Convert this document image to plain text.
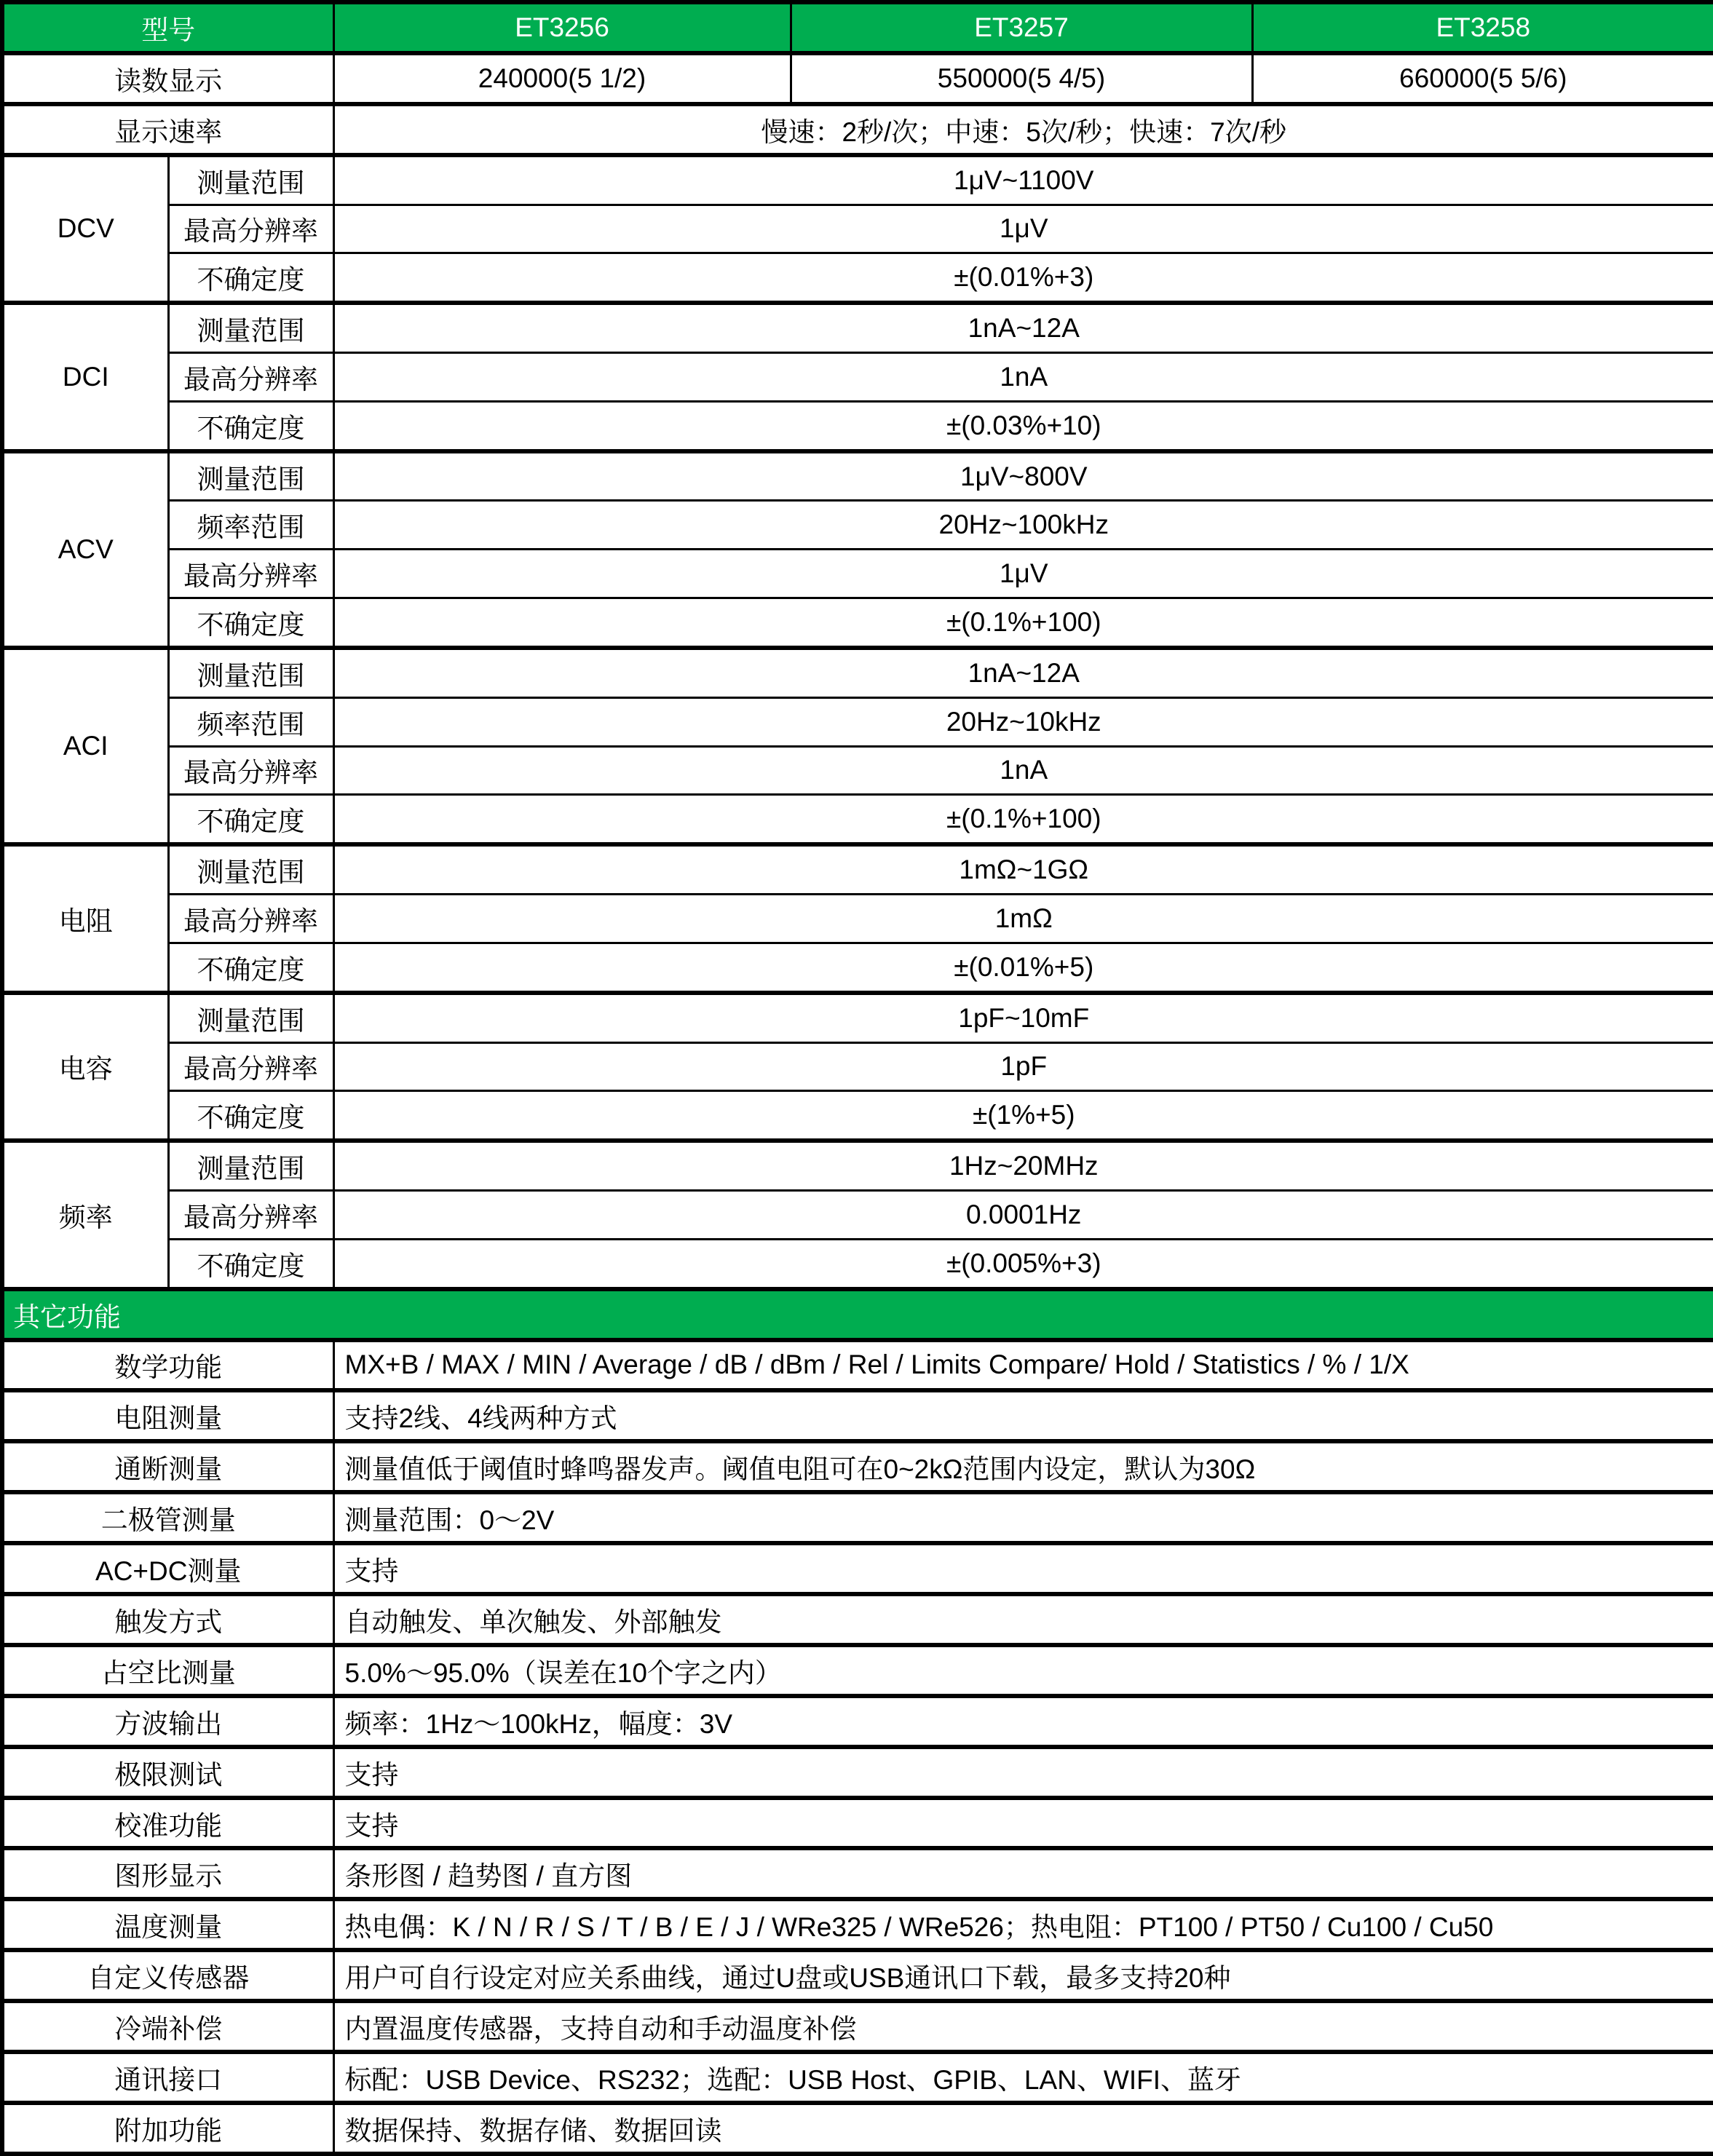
型号		ET3256	ET3257	ET3258
读数显示		240000(5 1/2)	550000(5 4/5)	660000(5 5/6)
显示速率		慢速：2秒/次；中速：5次/秒；快速：7次/秒		
DCV	测量范围	1μV~1100V		
	最高分辨率	1μV		
	不确定度	±(0.01%+3)		
DCI	测量范围	1nA~12A		
	最高分辨率	1nA		
	不确定度	±(0.03%+10)		
ACV	测量范围	1μV~800V		
	频率范围	20Hz~100kHz		
	最高分辨率	1μV		
	不确定度	±(0.1%+100)		
ACI	测量范围	1nA~12A		
	频率范围	20Hz~10kHz		
	最高分辨率	1nA		
	不确定度	±(0.1%+100)		
电阻	测量范围	1mΩ~1GΩ		
	最高分辨率	1mΩ		
	不确定度	±(0.01%+5)		
电容	测量范围	1pF~10mF		
	最高分辨率	1pF		
	不确定度	±(1%+5)		
频率	测量范围	1Hz~20MHz		
	最高分辨率	0.0001Hz		
	不确定度	±(0.005%+3)		
其它功能				
数学功能		MX+B / MAX / MIN / Average / dB / dBm / Rel / Limits Compare/ Hold / Statistics / % / 1/X		
电阻测量		支持2线、4线两种方式		
通断测量		测量值低于阈值时蜂鸣器发声。阈值电阻可在0~2kΩ范围内设定，默认为30Ω		
二极管测量		测量范围：0～2V		
AC+DC测量		支持		
触发方式		自动触发、单次触发、外部触发		
占空比测量		5.0%～95.0%（误差在10个字之内）		
方波输出		频率：1Hz～100kHz，幅度：3V		
极限测试		支持		
校准功能		支持		
图形显示		条形图 / 趋势图 / 直方图		
温度测量		热电偶：K / N / R / S / T / B / E / J / WRe325 / WRe526；热电阻：PT100 / PT50 / Cu100 / Cu50		
自定义传感器		用户可自行设定对应关系曲线，通过U盘或USB通讯口下载，最多支持20种		
冷端补偿		内置温度传感器，支持自动和手动温度补偿		
通讯接口		标配：USB Device、RS232；选配：USB Host、GPIB、LAN、WIFI、蓝牙		
附加功能		数据保持、数据存储、数据回读		
